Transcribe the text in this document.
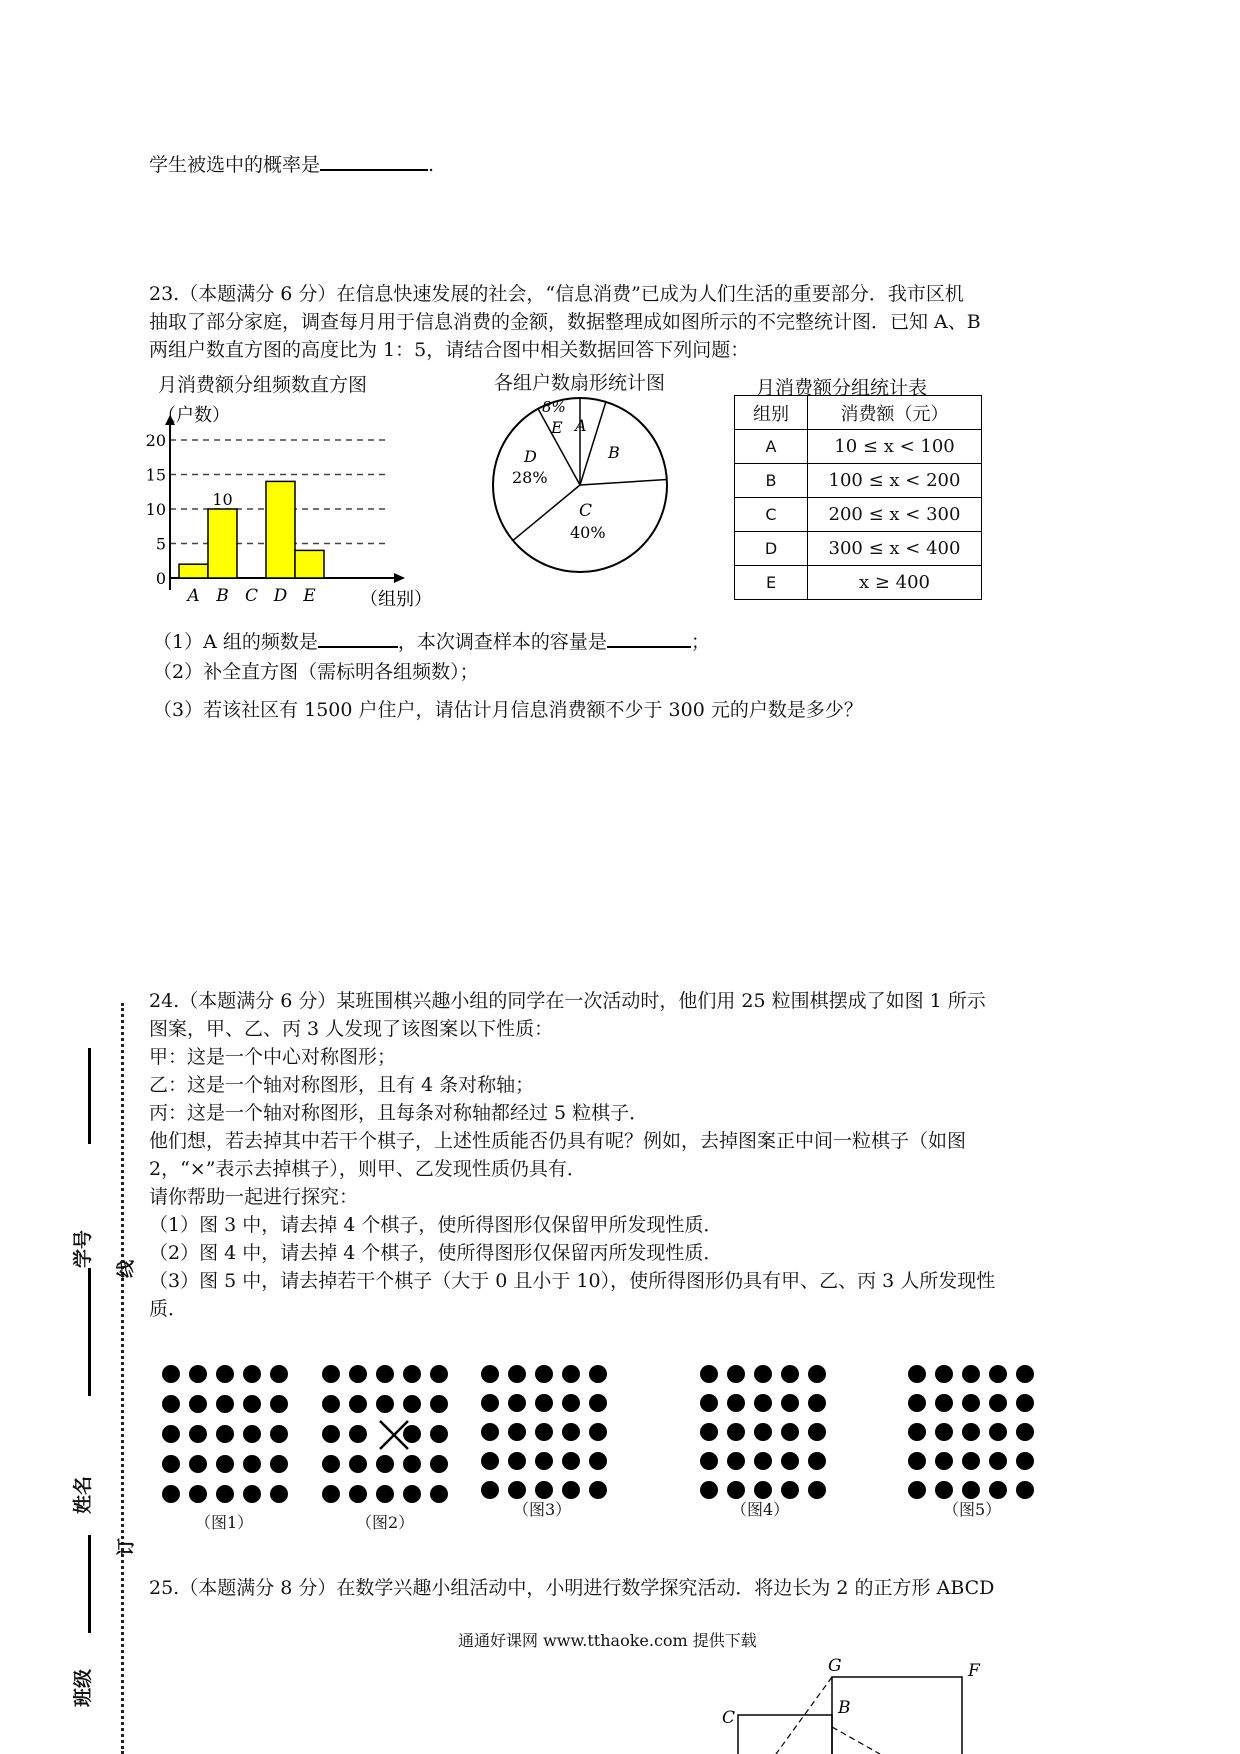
学生被选中的概率是	.
23.（本题满分 6 分）在信息快速发展的社会，“信息消费”已成为人们生活的重要部分．我市区机
抽取了部分家庭，调查每月用于信息消费的金额，数据整理成如图所示的不完整统计图．已知 A、B
两组户数直方图的高度比为 1：5，请结合图中相关数据回答下列问题：
月消费额分组频数直方图	各组户数扇形统计图	月消费额分组统计表
（户数）
（组别）
0
5
10
15
20
A B C D E
10
8%
E A
B
D
28%
C
40%
组别	消费额（元）
A	10 ≤ x < 100
B	100 ≤ x < 200
C	200 ≤ x < 300
D	300 ≤ x < 400
E	x ≥ 400
（1）A 组的频数是	，本次调查样本的容量是	；
（2）补全直方图（需标明各组频数）；
（3）若该社区有 1500 户住户，请估计月信息消费额不少于 300 元的户数是多少？
24.（本题满分 6 分）某班围棋兴趣小组的同学在一次活动时，他们用 25 粒围棋摆成了如图 1 所示
图案，甲、乙、丙 3 人发现了该图案以下性质：
甲：这是一个中心对称图形；
乙：这是一个轴对称图形，且有 4 条对称轴；
丙：这是一个轴对称图形，且每条对称轴都经过 5 粒棋子．
他们想，若去掉其中若干个棋子，上述性质能否仍具有呢？例如，去掉图案正中间一粒棋子（如图
2，“×”表示去掉棋子），则甲、乙发现性质仍具有．
请你帮助一起进行探究：
（1）图 3 中，请去掉 4 个棋子，使所得图形仅保留甲所发现性质．
（2）图 4 中，请去掉 4 个棋子，使所得图形仅保留丙所发现性质．
（3）图 5 中，请去掉若干个棋子（大于 0 且小于 10），使所得图形仍具有甲、乙、丙 3 人所发现性
质．
（图1）	（图2）
（图3）	（图4）	（图5）
25.（本题满分 8 分）在数学兴趣小组活动中，小明进行数学探究活动．将边长为 2 的正方形 ABCD
通通好课网 www.tthaoke.com 提供下载
G	F
C	B
学号
线
姓名
订
班级
